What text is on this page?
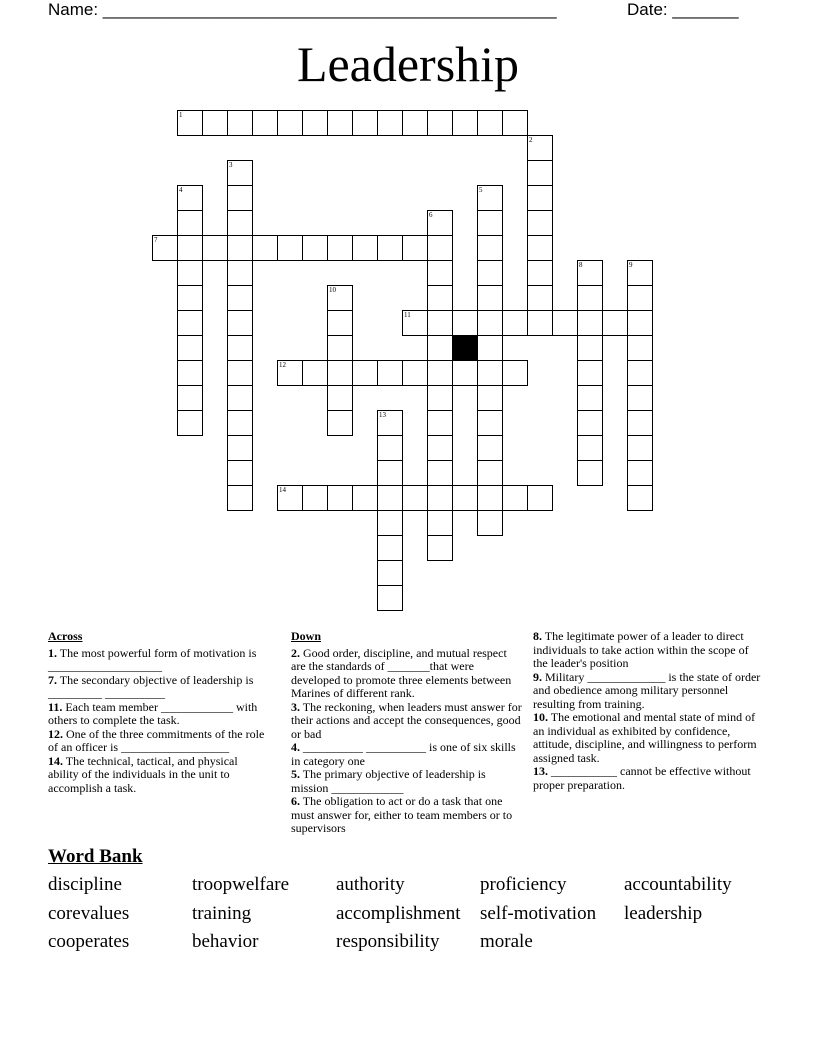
Name: ________________________________________________	Date: _______
Leadership
1
2
3
4	5
6
7
8	9
10
11
12
13
14
Across
1. The most powerful form of motivation is ___________________
7. The secondary objective of leadership is _________ __________
11. Each team member ____________ with others to complete the task.
12. One of the three commitments of the role of an officer is __________________
14. The technical, tactical, and physical ability of the individuals in the unit to accomplish a task.
Down
2. Good order, discipline, and mutual respect are the standards of _______that were developed to promote three elements between Marines of different rank.
3. The reckoning, when leaders must answer for their actions and accept the consequences, good or bad
4. __________ __________ is one of six skills in category one
5. The primary objective of leadership is mission ____________
6. The obligation to act or do a task that one must answer for, either to team members or to supervisors
8. The legitimate power of a leader to direct individuals to take action within the scope of the leader's position
9. Military _____________ is the state of order and obedience among military personnel resulting from training.
10. The emotional and mental state of mind of an individual as exhibited by confidence, attitude, discipline, and willingness to perform assigned task.
13. ___________ cannot be effective without proper preparation.
Word Bank
discipline	troopwelfare authority	proficiency	accountability
corevalues	training	accomplishment self-motivation leadership
cooperates	behavior	responsibility morale
